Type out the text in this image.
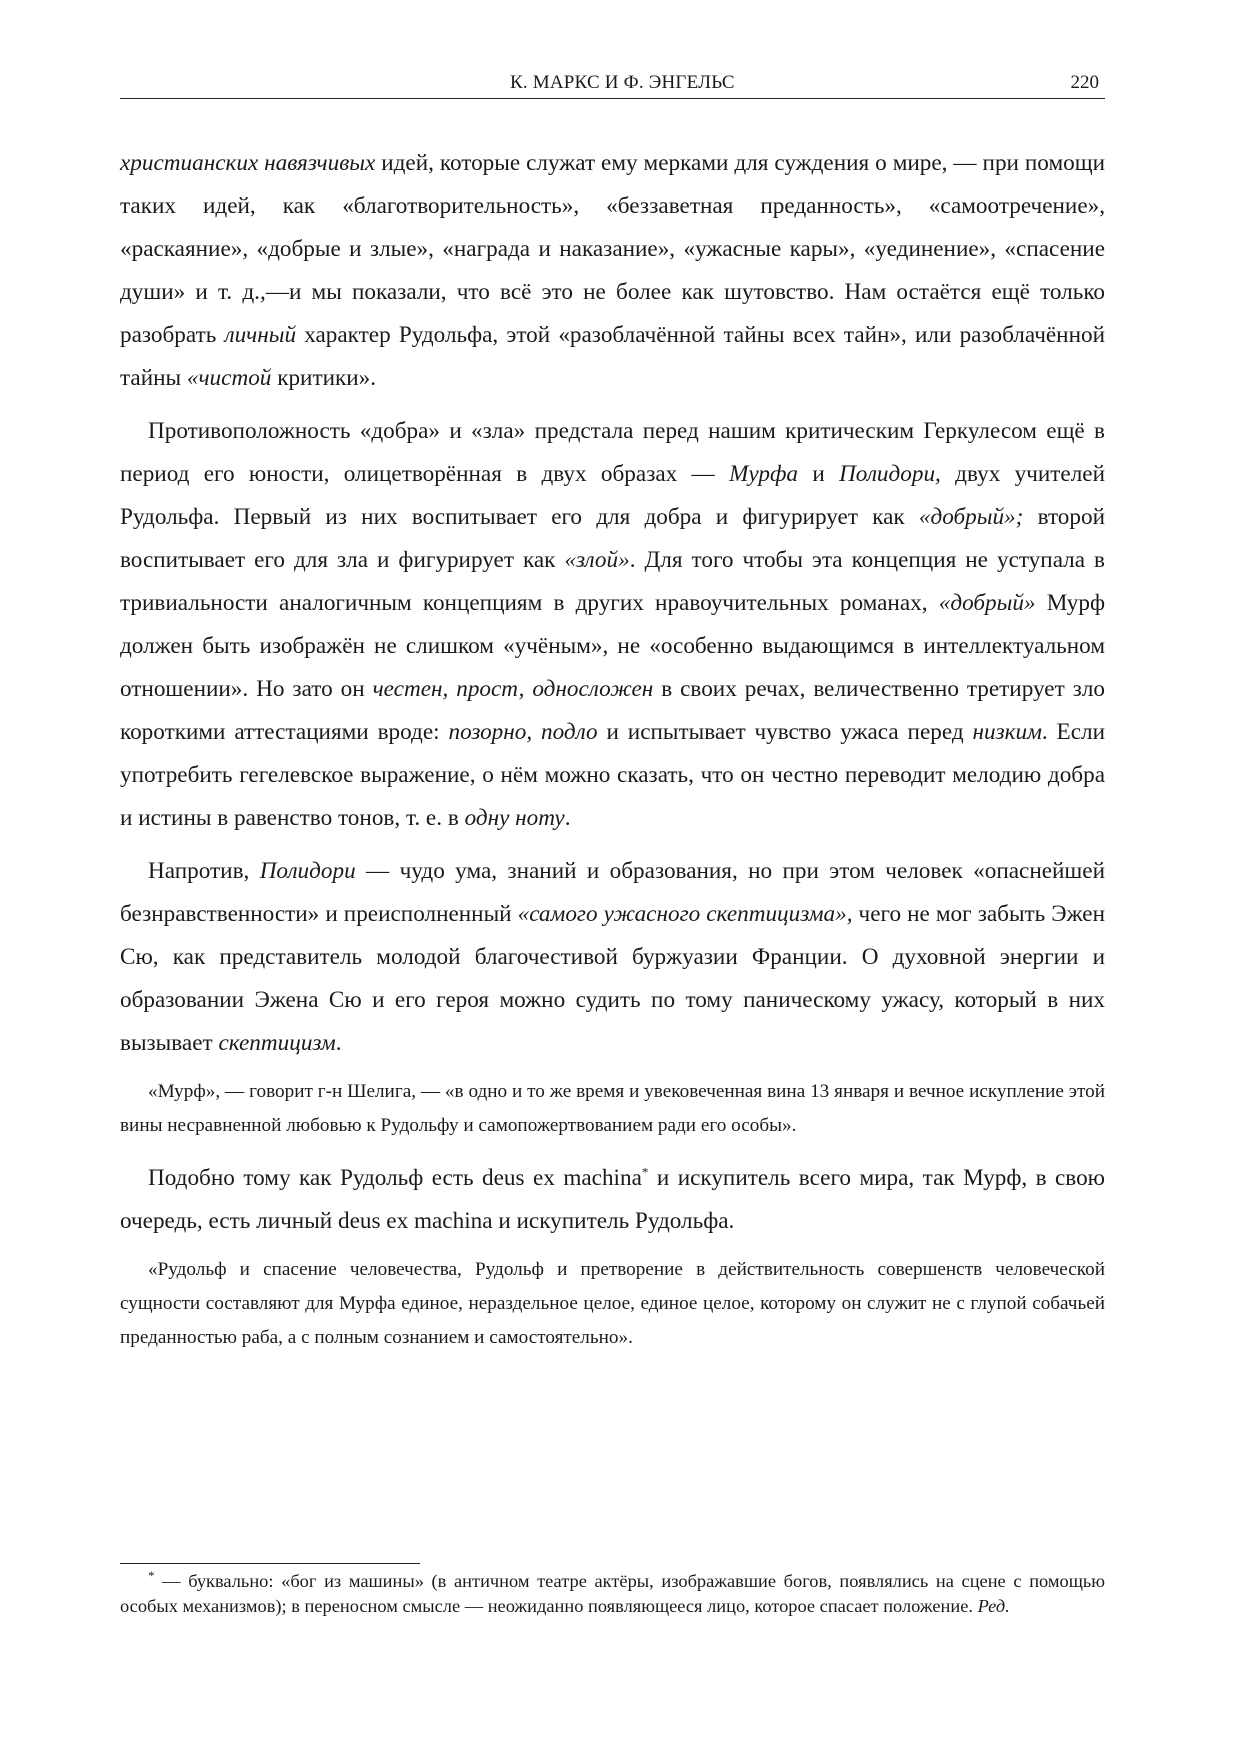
К. МАРКС И Ф. ЭНГЕЛЬС	220

христианских навязчивых идей, которые служат ему мерками для суждения о мире, — при помощи таких идей, как «благотворительность», «беззаветная преданность», «самоотречение», «раскаяние», «добрые и злые», «награда и наказание», «ужасные кары», «уединение», «спасение души» и т. д.,—и мы показали, что всё это не более как шутовство. Нам остаётся ещё только разобрать личный характер Рудольфа, этой «разоблачённой тайны всех тайн», или разоблачённой тайны «чистой критики».

Противоположность «добра» и «зла» предстала перед нашим критическим Геркулесом ещё в период его юности, олицетворённая в двух образах — Мурфа и Полидори, двух учителей Рудольфа. Первый из них воспитывает его для добра и фигурирует как «добрый»; второй воспитывает его для зла и фигурирует как «злой». Для того чтобы эта концепция не уступала в тривиальности аналогичным концепциям в других нравоучительных романах, «добрый» Мурф должен быть изображён не слишком «учёным», не «особенно выдающимся в интеллектуальном отношении». Но зато он честен, прост, односложен в своих речах, величественно третирует зло короткими аттестациями вроде: позорно, подло и испытывает чувство ужаса перед низким. Если употребить гегелевское выражение, о нём можно сказать, что он честно переводит мелодию добра и истины в равенство тонов, т. е. в одну ноту.

Напротив, Полидори — чудо ума, знаний и образования, но при этом человек «опаснейшей безнравственности» и преисполненный «самого ужасного скептицизма», чего не мог забыть Эжен Сю, как представитель молодой благочестивой буржуазии Франции. О духовной энергии и образовании Эжена Сю и его героя можно судить по тому паническому ужасу, который в них вызывает скептицизм.

«Мурф», — говорит г-н Шелига, — «в одно и то же время и увековеченная вина 13 января и вечное искупление этой вины несравненной любовью к Рудольфу и самопожертвованием ради его особы».

Подобно тому как Рудольф есть deus ex machina* и искупитель всего мира, так Мурф, в свою очередь, есть личный deus ex machina и искупитель Рудольфа.

«Рудольф и спасение человечества, Рудольф и претворение в действительность совершенств человеческой сущности составляют для Мурфа единое, нераздельное целое, единое целое, которому он служит не с глупой собачьей преданностью раба, а с полным сознанием и самостоятельно».

* — буквально: «бог из машины» (в античном театре актёры, изображавшие богов, появлялись на сцене с помощью особых механизмов); в переносном смысле — неожиданно появляющееся лицо, которое спасает положение. Ред.
